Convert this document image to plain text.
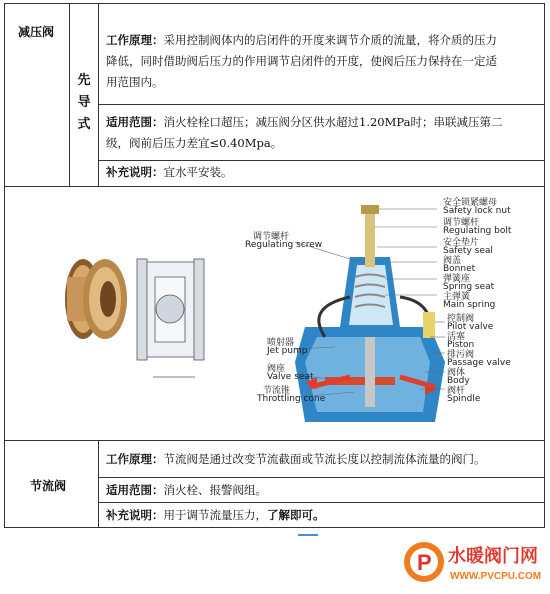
减压阀
先
导
式
工作原理：采用控制阀体内的启闭件的开度来调节介质的流量，将介质的压力
降低，同时借助阀后压力的作用调节启闭件的开度，使阀后压力保持在一定适
用范围内。
适用范围：消火栓栓口超压；减压阀分区供水超过1.20MPa时；串联减压第二
级，阀前后压力差宜≤0.40Mpa。
补充说明：宜水平安装。
安全锁紧螺母
Safety lock nut
调节螺杆
Regulating bolt
安全垫片
Safety seal
阀盖
Bonnet
弹簧座
Spring seat
主弹簧
Main spring
控制阀
Pilot valve
活塞
Piston
排污阀
Passage valve
阀体
Body
阀杆
Spindle
调节螺杆
Regulating screw
喷射器
Jet pump
阀座
Valve seat
节流锥
Throttling cone
节流阀
工作原理：节流阀是通过改变节流截面或节流长度以控制流体流量的阀门。
适用范围：消火栓、报警阀组。
补充说明：用于调节流量压力，了解即可。
P 水暖阀门网
WWW.PVCPU.COM
